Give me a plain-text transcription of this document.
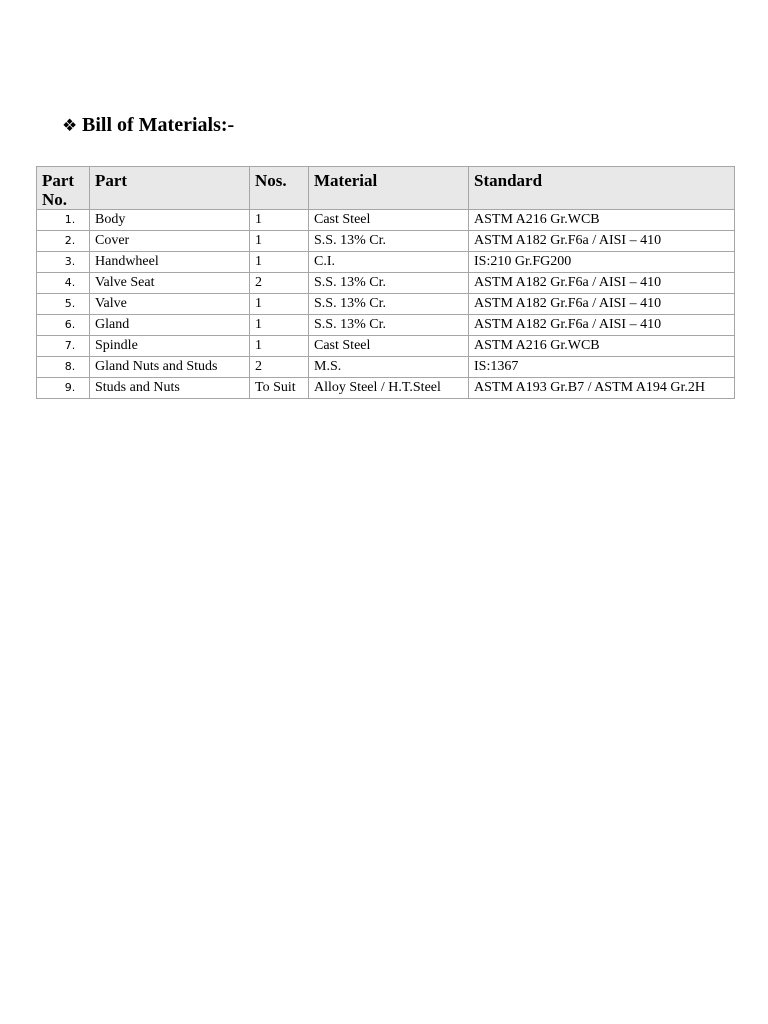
❖ Bill of Materials:-
Part No.	Part	Nos.	Material	Standard
1.	Body	1	Cast Steel	ASTM A216 Gr.WCB
2.	Cover	1	S.S. 13% Cr.	ASTM A182 Gr.F6a / AISI – 410
3.	Handwheel	1	C.I.	IS:210 Gr.FG200
4.	Valve Seat	2	S.S. 13% Cr.	ASTM A182 Gr.F6a / AISI – 410
5.	Valve	1	S.S. 13% Cr.	ASTM A182 Gr.F6a / AISI – 410
6.	Gland	1	S.S. 13% Cr.	ASTM A182 Gr.F6a / AISI – 410
7.	Spindle	1	Cast Steel	ASTM A216 Gr.WCB
8.	Gland Nuts and Studs	2	M.S.	IS:1367
9.	Studs and Nuts	To Suit	Alloy Steel / H.T.Steel	ASTM A193 Gr.B7 / ASTM A194 Gr.2H
